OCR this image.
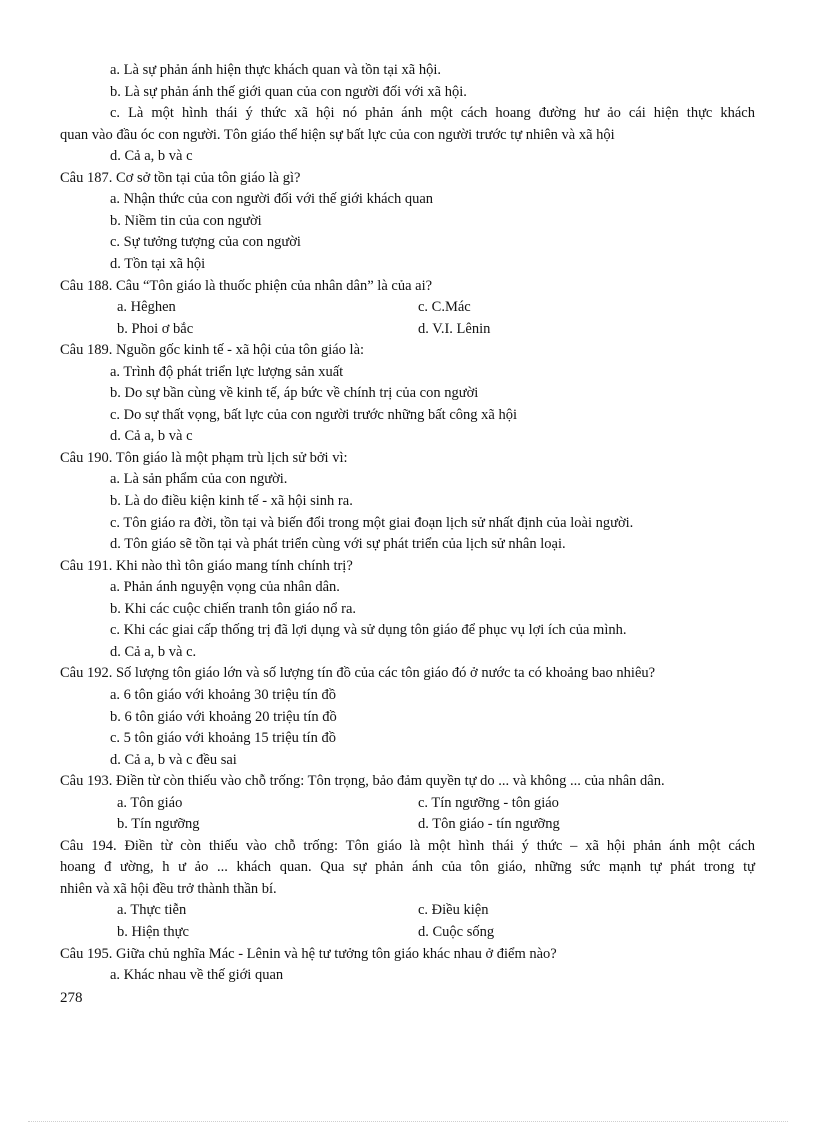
a. Là sự phản ánh hiện thực khách quan và tồn tại xã hội.
b. Là sự phản ánh thế giới quan của con người đối với xã hội.
c. Là một hình thái ý thức xã hội nó phản ánh một cách hoang đường hư ảo cái hiện thực khách
quan vào đầu óc con người. Tôn giáo thể hiện sự bất lực của con người trước tự nhiên và xã hội
d. Cả a, b và c
Câu 187. Cơ sở tồn tại của tôn giáo là gì?
a. Nhận thức của con người đối với thế giới khách quan
b. Niềm tin của con người
c. Sự tưởng tượng của con người
d. Tồn tại xã hội
Câu 188. Câu “Tôn giáo là thuốc phiện của nhân dân” là của ai?
a. Hêghen	c. C.Mác
b. Phoi ơ bắc	d. V.I. Lênin
Câu 189. Nguồn gốc kinh tế - xã hội của tôn giáo là:
a. Trình độ phát triển lực lượng sản xuất
b. Do sự bần cùng về kinh tế, áp bức về chính trị của con người
c. Do sự thất vọng, bất lực của con người trước những bất công xã hội
d. Cả a, b và c
Câu 190. Tôn giáo là một phạm trù lịch sử bởi vì:
a. Là sản phẩm của con người.
b. Là do điều kiện kinh tế - xã hội sinh ra.
c. Tôn giáo ra đời, tồn tại và biến đổi trong một giai đoạn lịch sử nhất định của loài người.
d. Tôn giáo sẽ tồn tại và phát triển cùng với sự phát triển của lịch sử nhân loại.
Câu 191. Khi nào thì tôn giáo mang tính chính trị?
a. Phản ánh nguyện vọng của nhân dân.
b. Khi các cuộc chiến tranh tôn giáo nổ ra.
c. Khi các giai cấp thống trị đã lợi dụng và sử dụng tôn giáo để phục vụ lợi ích của mình.
d. Cả a, b và c.
Câu 192. Số lượng tôn giáo lớn và số lượng tín đồ của các tôn giáo đó ở nước ta có khoảng bao nhiêu?
a. 6 tôn giáo với khoảng 30 triệu tín đồ
b. 6 tôn giáo với khoảng 20 triệu tín đồ
c. 5 tôn giáo với khoảng 15 triệu tín đồ
d. Cả a, b và c đều sai
Câu 193. Điền từ còn thiếu vào chỗ trống: Tôn trọng, bảo đảm quyền tự do ... và không ... của nhân dân.
a. Tôn giáo	c. Tín ngưỡng - tôn giáo
b. Tín ngưỡng	d. Tôn giáo - tín ngưỡng
Câu 194. Điền từ còn thiếu vào chỗ trống: Tôn giáo là một hình thái ý thức – xã hội phản ánh một cách
hoang đ ường, h ư ảo ... khách quan. Qua sự phản ánh của tôn giáo, những sức mạnh tự phát trong tự
nhiên và xã hội đều trở thành thần bí.
a. Thực tiễn	c. Điều kiện
b. Hiện thực	d. Cuộc sống
Câu 195. Giữa chủ nghĩa Mác - Lênin và hệ tư tưởng tôn giáo khác nhau ở điểm nào?
a. Khác nhau về thế giới quan
278
